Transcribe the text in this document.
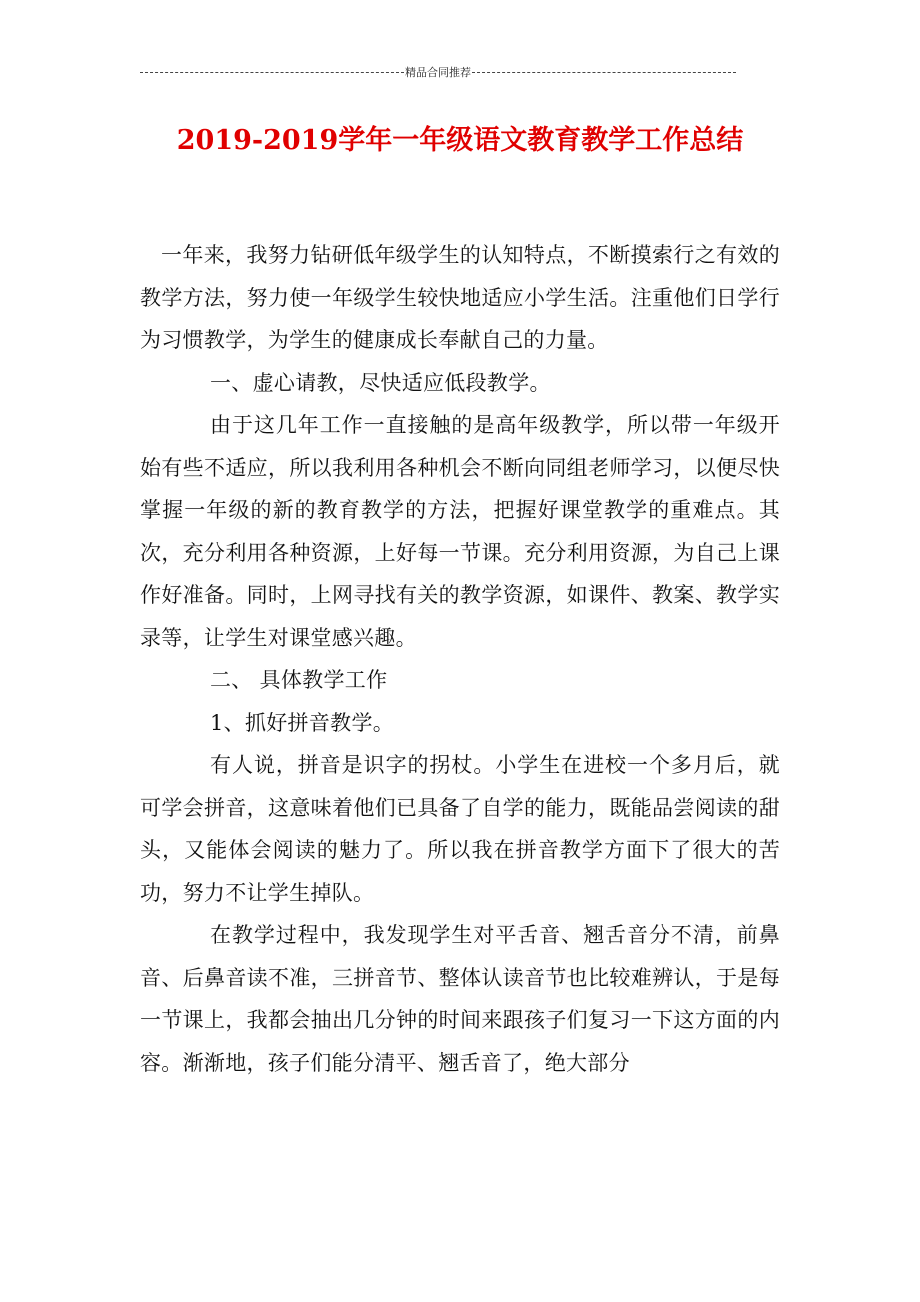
精品合同推荐
2019-2019学年一年级语文教育教学工作总结

一年来，我努力钻研低年级学生的认知特点，不断摸索行之有效的教学方法，努力使一年级学生较快地适应小学生活。注重他们日学行为习惯教学，为学生的健康成长奉献自己的力量。

一、虚心请教，尽快适应低段教学。

由于这几年工作一直接触的是高年级教学，所以带一年级开始有些不适应，所以我利用各种机会不断向同组老师学习，以便尽快掌握一年级的新的教育教学的方法，把握好课堂教学的重难点。其次，充分利用各种资源，上好每一节课。充分利用资源，为自己上课作好准备。同时，上网寻找有关的教学资源，如课件、教案、教学实录等，让学生对课堂感兴趣。

二、 具体教学工作

1、抓好拼音教学。

有人说，拼音是识字的拐杖。小学生在进校一个多月后，就可学会拼音，这意味着他们已具备了自学的能力，既能品尝阅读的甜头，又能体会阅读的魅力了。所以我在拼音教学方面下了很大的苦功，努力不让学生掉队。

在教学过程中，我发现学生对平舌音、翘舌音分不清，前鼻音、后鼻音读不准，三拼音节、整体认读音节也比较难辨认，于是每一节课上，我都会抽出几分钟的时间来跟孩子们复习一下这方面的内容。渐渐地，孩子们能分清平、翘舌音了，绝大部分
